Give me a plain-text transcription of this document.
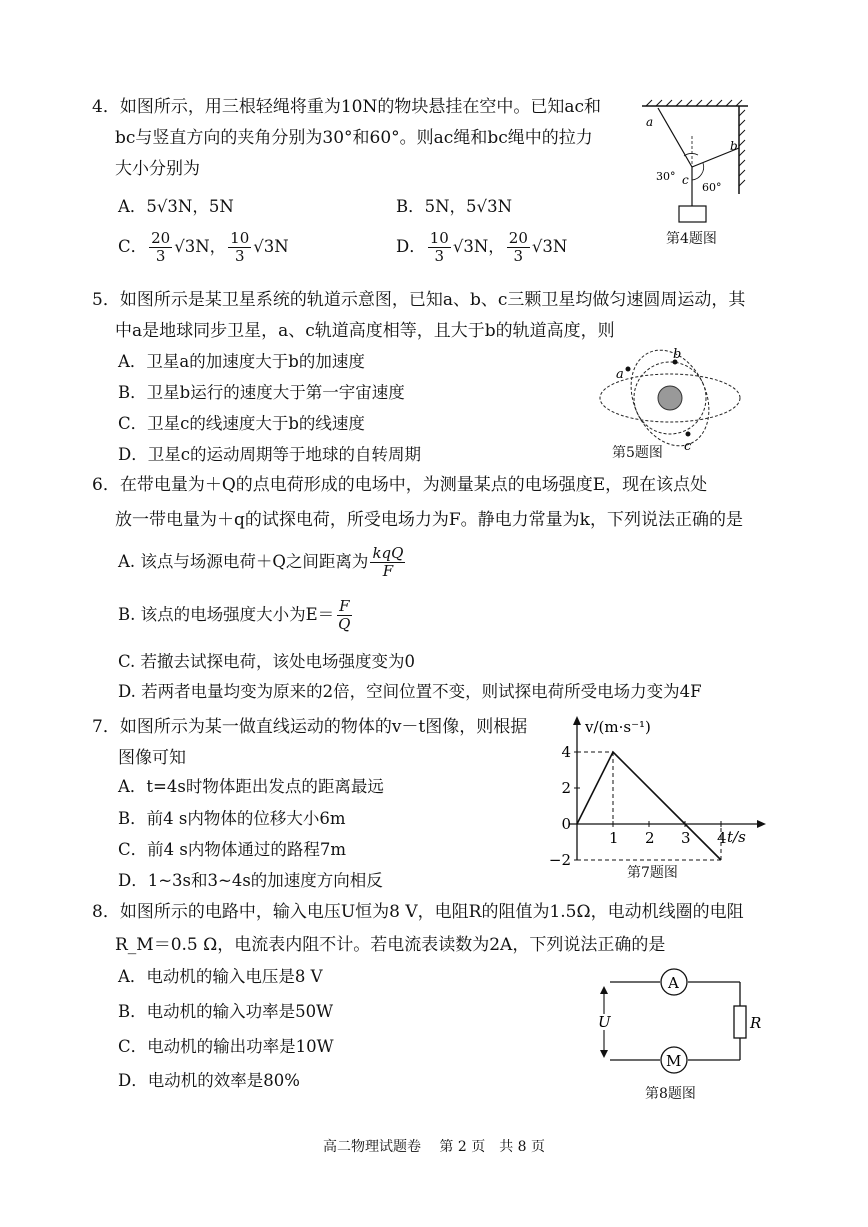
4．如图所示，用三根轻绳将重为10N的物块悬挂在空中。已知ac和
bc与竖直方向的夹角分别为30°和60°。则ac绳和bc绳中的拉力
大小分别为
A．5√3N，5N	B．5N，5√3N
C． $\frac{20}{3} √3N$， $\frac{10}{3} √3N$	D． $\frac{10}{3} √3N$， $\frac{20}{3} √3N$
a
b
c
30°
60°
第4题图
5．如图所示是某卫星系统的轨道示意图，已知a、b、c三颗卫星均做匀速圆周运动，其
中a是地球同步卫星，a、c轨道高度相等，且大于b的轨道高度，则
A．卫星a的加速度大于b的加速度
B．卫星b运行的速度大于第一宇宙速度
C．卫星c的线速度大于b的线速度
D．卫星c的运动周期等于地球的自转周期
a
b
c
第5题图
6．在带电量为＋Q的点电荷形成的电场中，为测量某点的电场强度E，现在该点处
放一带电量为＋q的试探电荷，所受电场力为F。静电力常量为k，下列说法正确的是
A. 该点与场源电荷＋Q之间距离为 $\frac{\text{kqQ}}{F}$
B. 该点的电场强度大小为$E= \frac{F}{Q}$
C. 若撤去试探电荷，该处电场强度变为0
D. 若两者电量均变为原来的2倍，空间位置不变，则试探电荷所受电场力变为4F
7．如图所示为某一做直线运动的物体的v－t图像，则根据
图像可知
A．t=4s时物体距出发点的距离最远
B．前4 s内物体的位移大小6m
C．前4 s内物体通过的路程7m
D．1~3s和3~4s的加速度方向相反
v/(m·s⁻¹)
t/s
4
2
0
−2
1 2 3 4
第7题图
8．如图所示的电路中，输入电压U恒为8 V，电阻R的阻值为1.5Ω，电动机线圈的电阻
R_M＝0.5 Ω，电流表内阻不计。若电流表读数为2A，下列说法正确的是
A．电动机的输入电压是8 V
B．电动机的输入功率是50W
C．电动机的输出功率是10W
D．电动机的效率是80%
A
M
R
U
第8题图
高二物理试题卷　 第 2 页　共 8 页
